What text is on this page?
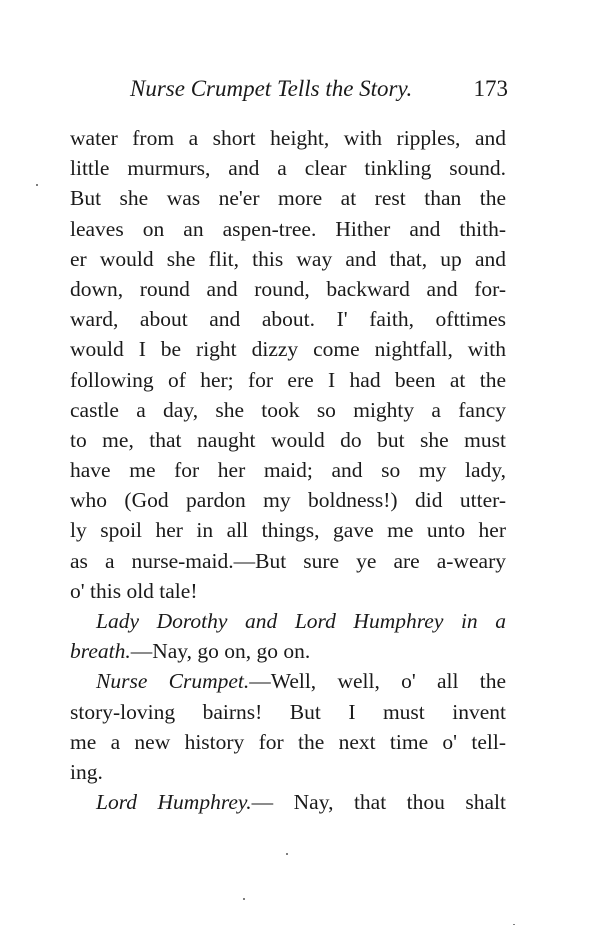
Nurse Crumpet Tells the Story.	173
water from a short height, with ripples, and
little murmurs, and a clear tinkling sound.
But she was ne'er more at rest than the
leaves on an aspen-tree. Hither and thith-
er would she flit, this way and that, up and
down, round and round, backward and for-
ward, about and about. I' faith, ofttimes
would I be right dizzy come nightfall, with
following of her; for ere I had been at the
castle a day, she took so mighty a fancy
to me, that naught would do but she must
have me for her maid; and so my lady,
who (God pardon my boldness!) did utter-
ly spoil her in all things, gave me unto her
as a nurse-maid.—But sure ye are a-weary
o' this old tale!
Lady Dorothy and Lord Humphrey in a
breath.—Nay, go on, go on.
Nurse Crumpet.—Well, well, o' all the
story-loving bairns! But I must invent
me a new history for the next time o' tell-
ing.
Lord Humphrey.— Nay, that thou shalt
